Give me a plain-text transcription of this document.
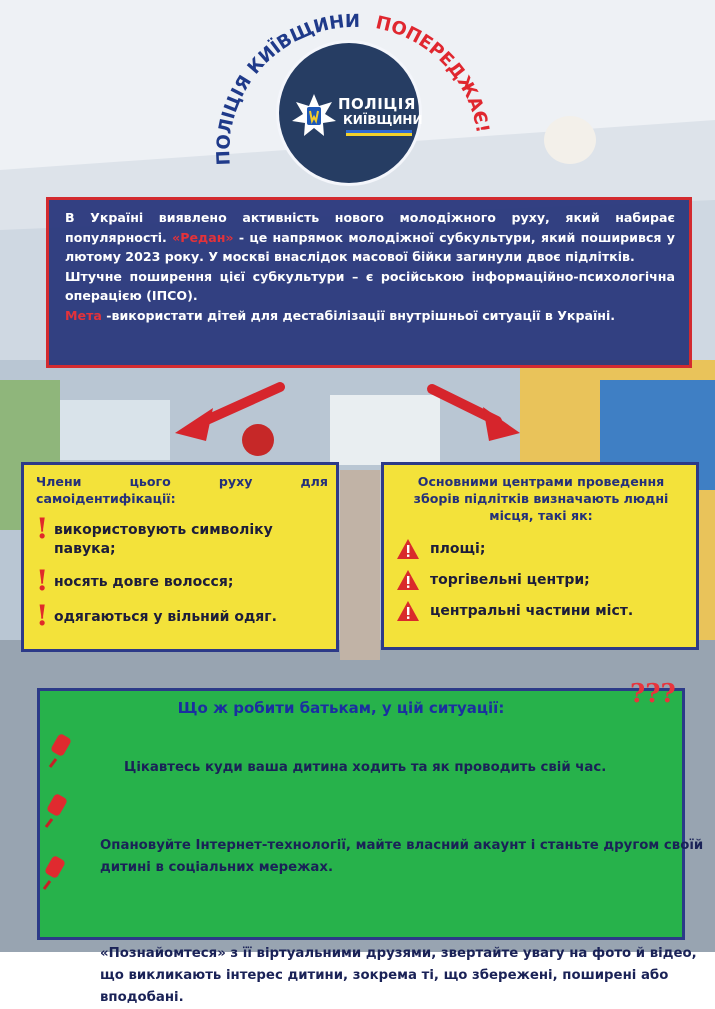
ПОЛІЦІЯ КИЇВЩИНИ ПОПЕРЕДЖАЄ!
ПОЛІЦІЯ
КИЇВЩИНИ

В Україні виявлено активність нового молодіжного руху, який набирає популярності. «Редан» - це напрямок молодіжної субкультури, який поширився у лютому 2023 року. У москві внаслідок масової бійки загинули двоє підлітків.

Штучне поширення цієї субкультури – є російською інформаційно-психологічна операцією (ІПСО).

Мета -використати дітей для дестабілізації внутрішньої ситуації в Україні.

Члени цього руху для
самоідентифікації:
! використовують символіку павука;
! носять довге волосся;
! одягаються у вільний одяг.
Основними центрами проведення зборів підлітків визначають людні місця, такі як:
площі;
торгівельні центри;
центральні частини міст.
Що ж робити батькам, у цій ситуації:	???
Цікавтесь куди ваша дитина ходить та як проводить свій час.
Опановуйте Інтернет-технології, майте власний акаунт і станьте другом своїй дитині в соціальних мережах.
«Познайомтеся» з її віртуальними друзями, звертайте увагу на фото й відео, що викликають інтерес дитини, зокрема ті, що збережені, поширені або вподобані.
